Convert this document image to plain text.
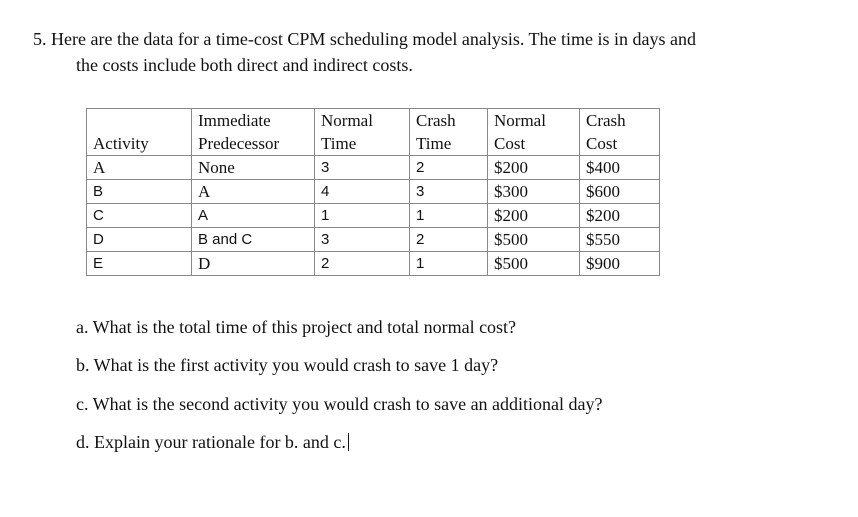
5. Here are the data for a time-cost CPM scheduling model analysis. The time is in days and
the costs include both direct and indirect costs.
	Immediate	Normal	Crash	Normal	Crash
Activity	Predecessor	Time	Time	Cost	Cost
A	None	3	2	$200	$400
B	A	4	3	$300	$600
C	A	1	1	$200	$200
D	B and C	3	2	$500	$550
E	D	2	1	$500	$900
a. What is the total time of this project and total normal cost?
b. What is the first activity you would crash to save 1 day?
c. What is the second activity you would crash to save an additional day?
d. Explain your rationale for b. and c.
